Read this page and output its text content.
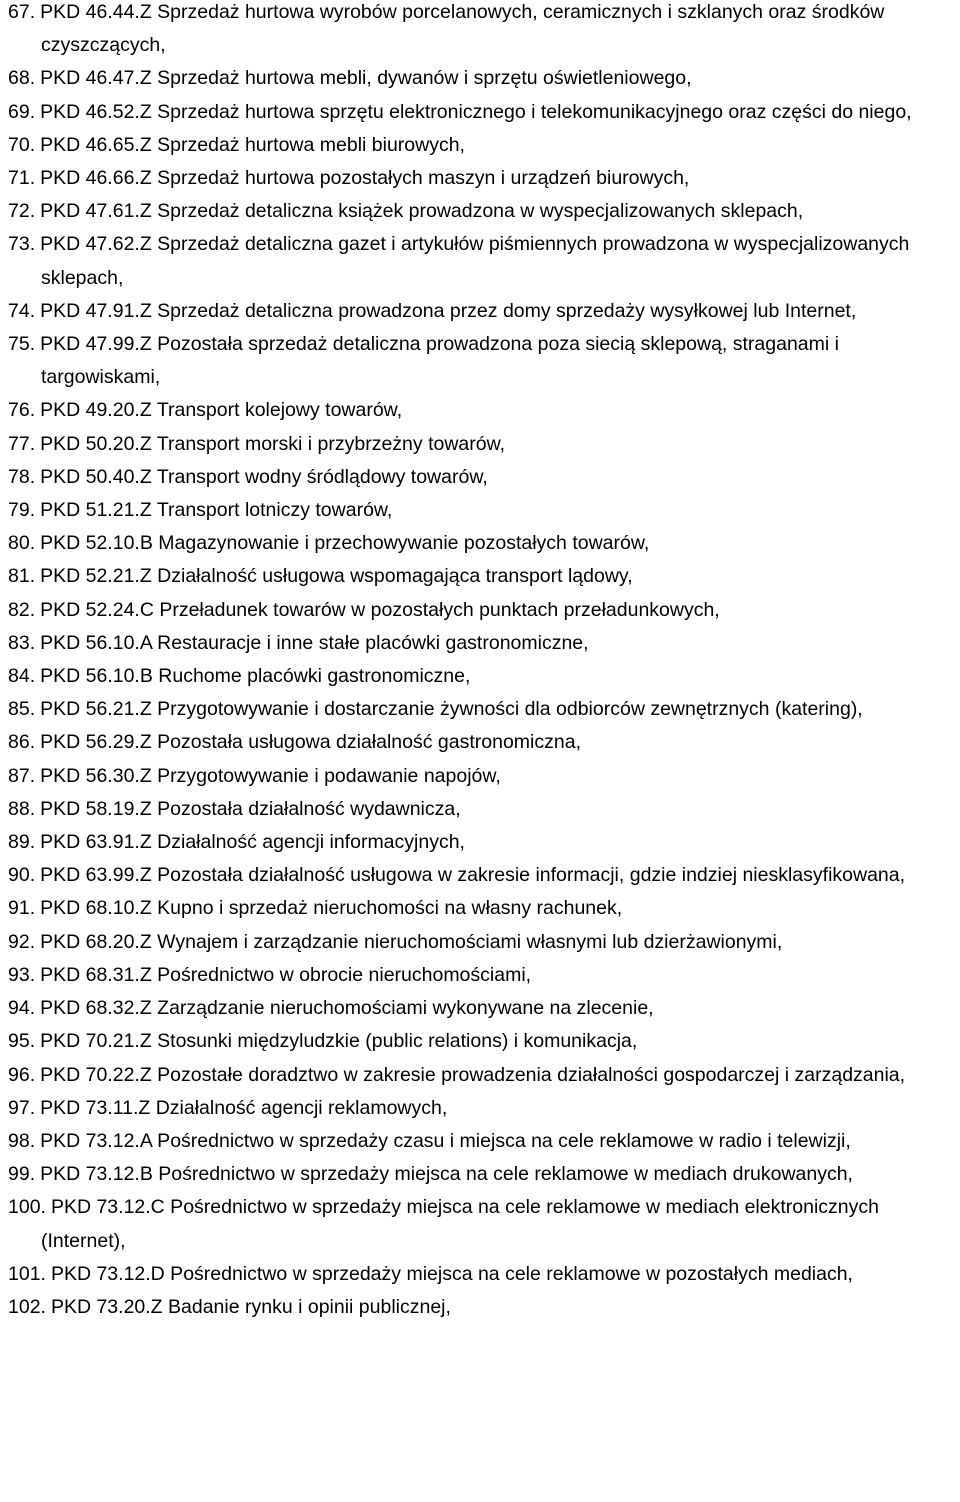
67. PKD 46.44.Z Sprzedaż hurtowa wyrobów porcelanowych, ceramicznych i szklanych oraz środków czyszczących,

68. PKD 46.47.Z Sprzedaż hurtowa mebli, dywanów i sprzętu oświetleniowego,

69. PKD 46.52.Z Sprzedaż hurtowa sprzętu elektronicznego i telekomunikacyjnego oraz części do niego,

70. PKD 46.65.Z Sprzedaż hurtowa mebli biurowych,

71. PKD 46.66.Z Sprzedaż hurtowa pozostałych maszyn i urządzeń biurowych,

72. PKD 47.61.Z Sprzedaż detaliczna książek prowadzona w wyspecjalizowanych sklepach,

73. PKD 47.62.Z Sprzedaż detaliczna gazet i artykułów piśmiennych prowadzona w wyspecjalizowanych sklepach,

74. PKD 47.91.Z Sprzedaż detaliczna prowadzona przez domy sprzedaży wysyłkowej lub Internet,

75. PKD 47.99.Z Pozostała sprzedaż detaliczna prowadzona poza siecią sklepową, straganami i targowiskami,

76. PKD 49.20.Z Transport kolejowy towarów,

77. PKD 50.20.Z Transport morski i przybrzeżny towarów,

78. PKD 50.40.Z Transport wodny śródlądowy towarów,

79. PKD 51.21.Z Transport lotniczy towarów,

80. PKD 52.10.B Magazynowanie i przechowywanie pozostałych towarów,

81. PKD 52.21.Z Działalność usługowa wspomagająca transport lądowy,

82. PKD 52.24.C Przeładunek towarów w pozostałych punktach przeładunkowych,

83. PKD 56.10.A Restauracje i inne stałe placówki gastronomiczne,

84. PKD 56.10.B Ruchome placówki gastronomiczne,

85. PKD 56.21.Z Przygotowywanie i dostarczanie żywności dla odbiorców zewnętrznych (katering),

86. PKD 56.29.Z Pozostała usługowa działalność gastronomiczna,

87. PKD 56.30.Z Przygotowywanie i podawanie napojów,

88. PKD 58.19.Z Pozostała działalność wydawnicza,

89. PKD 63.91.Z Działalność agencji informacyjnych,

90. PKD 63.99.Z Pozostała działalność usługowa w zakresie informacji, gdzie indziej niesklasyfikowana,

91. PKD 68.10.Z Kupno i sprzedaż nieruchomości na własny rachunek,

92. PKD 68.20.Z Wynajem i zarządzanie nieruchomościami własnymi lub dzierżawionymi,

93. PKD 68.31.Z Pośrednictwo w obrocie nieruchomościami,

94. PKD 68.32.Z Zarządzanie nieruchomościami wykonywane na zlecenie,

95. PKD 70.21.Z Stosunki międzyludzkie (public relations) i komunikacja,

96. PKD 70.22.Z Pozostałe doradztwo w zakresie prowadzenia działalności gospodarczej i zarządzania,

97. PKD 73.11.Z Działalność agencji reklamowych,

98. PKD 73.12.A Pośrednictwo w sprzedaży czasu i miejsca na cele reklamowe w radio i telewizji,

99. PKD 73.12.B Pośrednictwo w sprzedaży miejsca na cele reklamowe w mediach drukowanych,

100. PKD 73.12.C Pośrednictwo w sprzedaży miejsca na cele reklamowe w mediach elektronicznych (Internet),

101. PKD 73.12.D Pośrednictwo w sprzedaży miejsca na cele reklamowe w pozostałych mediach,

102. PKD 73.20.Z Badanie rynku i opinii publicznej,
